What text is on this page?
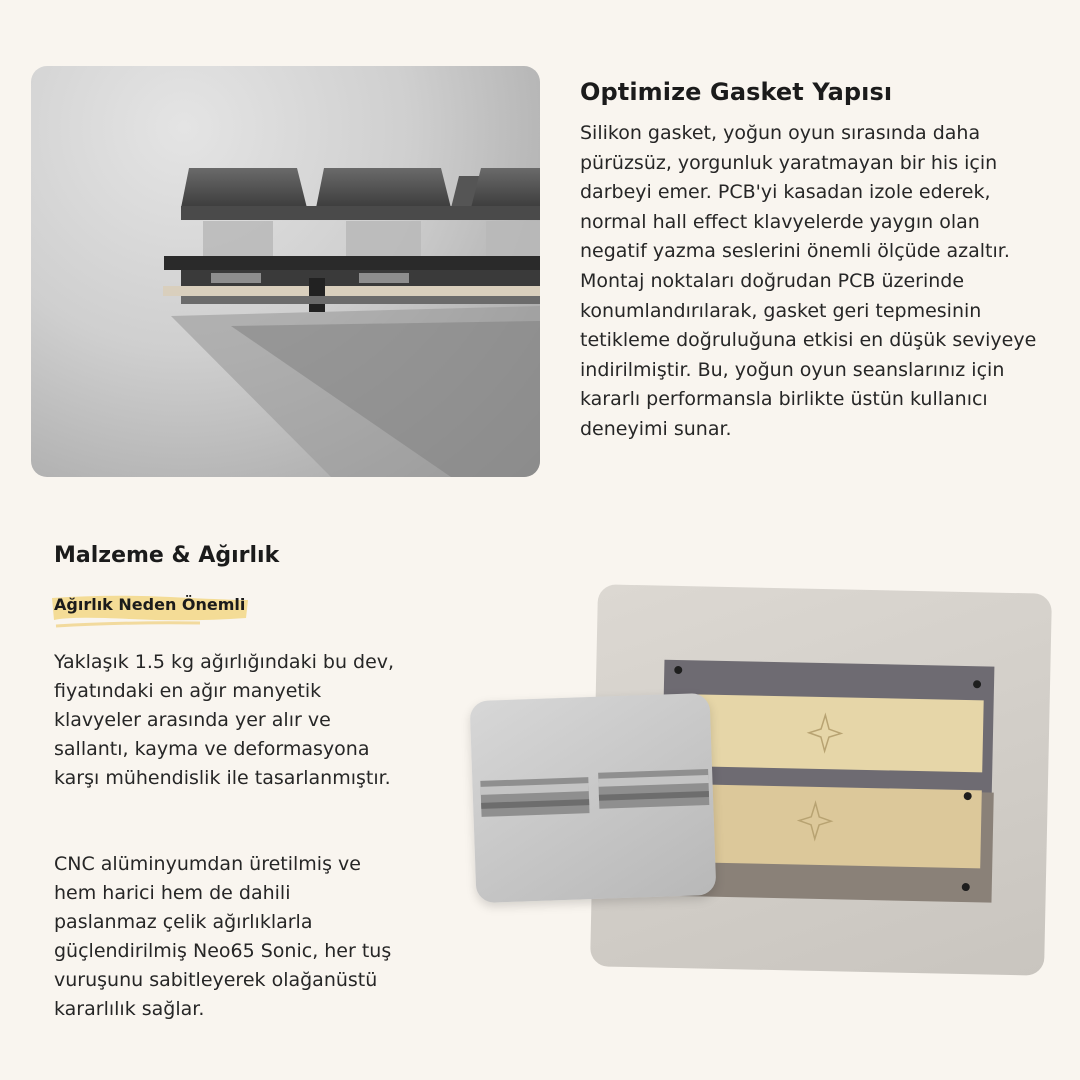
Optimize Gasket Yapısı

Silikon gasket, yoğun oyun sırasında daha pürüzsüz, yorgunluk yaratmayan bir his için darbeyi emer. PCB'yi kasadan izole ederek, normal hall effect klavyelerde yaygın olan negatif yazma seslerini önemli ölçüde azaltır. Montaj noktaları doğrudan PCB üzerinde konumlandırılarak, gasket geri tepmesinin tetikleme doğruluğuna etkisi en düşük seviyeye indirilmiştir. Bu, yoğun oyun seanslarınız için kararlı performansla birlikte üstün kullanıcı deneyimi sunar.

Malzeme & Ağırlık
Ağırlık Neden Önemli

Yaklaşık 1.5 kg ağırlığındaki bu dev, fiyatındaki en ağır manyetik klavyeler arasında yer alır ve sallantı, kayma ve deformasyona karşı mühendislik ile tasarlanmıştır.

CNC alüminyumdan üretilmiş ve hem harici hem de dahili paslanmaz çelik ağırlıklarla güçlendirilmiş Neo65 Sonic, her tuş vuruşunu sabitleyerek olağanüstü kararlılık sağlar.
